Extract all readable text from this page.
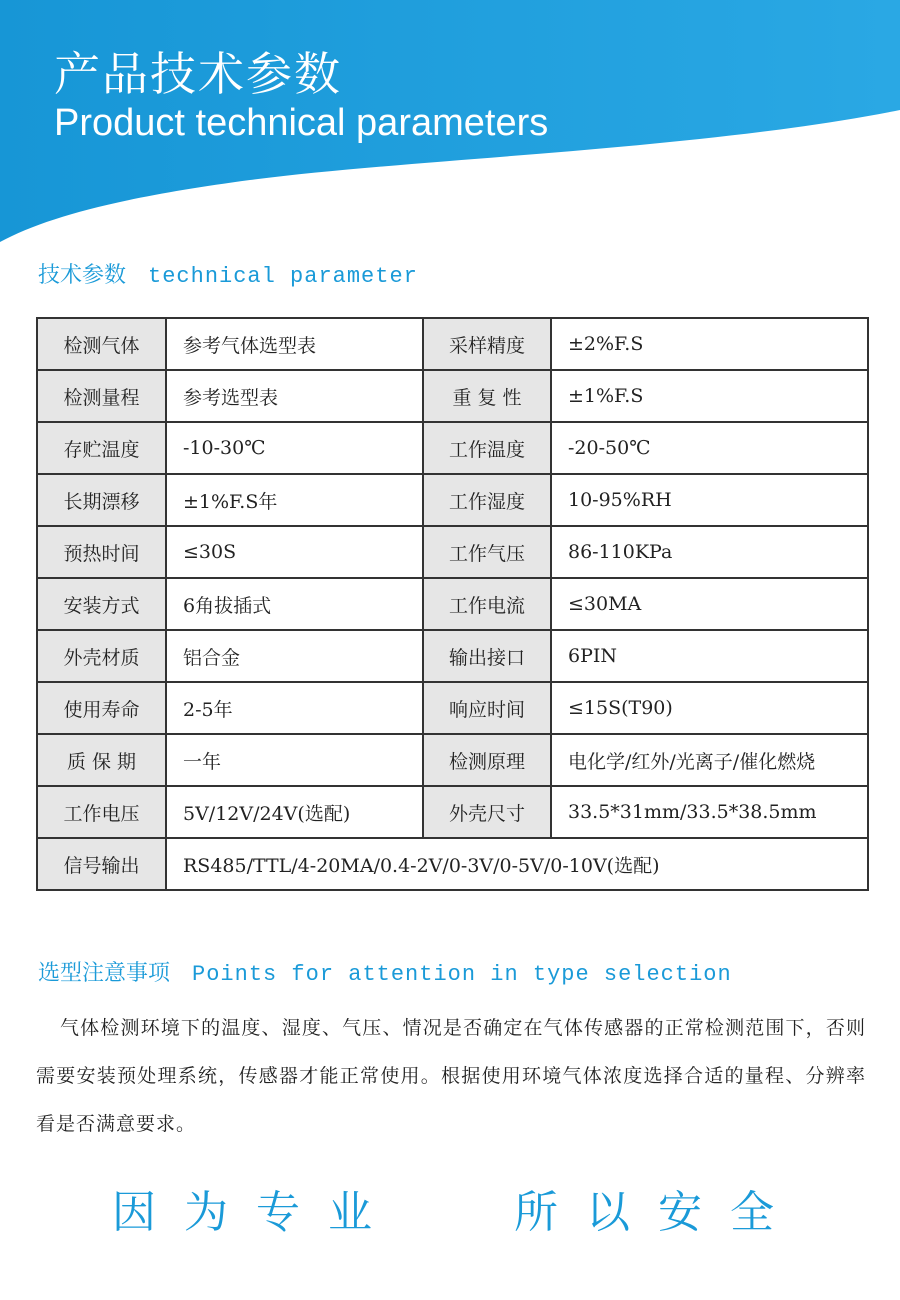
产品技术参数
Product technical parameters
技术参数 technical parameter
检测气体	参考气体选型表	采样精度	±2%F.S
检测量程	参考选型表	重 复 性	±1%F.S
存贮温度	-10-30℃	工作温度	-20-50℃
长期漂移	±1%F.S年	工作湿度	10-95%RH
预热时间	≤30S	工作气压	86-110KPa
安装方式	6角拔插式	工作电流	≤30MA
外壳材质	铝合金	输出接口	6PIN
使用寿命	2-5年	响应时间	≤15S(T90)
质 保 期	一年	检测原理	电化学/红外/光离子/催化燃烧
工作电压	5V/12V/24V(选配)	外壳尺寸	33.5*31mm/33.5*38.5mm
信号输出	RS485/TTL/4-20MA/0.4-2V/0-3V/0-5V/0-10V(选配)		
选型注意事项 Points for attention in type selection
气体检测环境下的温度、湿度、气压、情况是否确定在气体传感器的正常检测范围下，否则需要安装预处理系统，传感器才能正常使用。根据使用环境气体浓度选择合适的量程、分辨率看是否满意要求。
因为专业	所以安全
